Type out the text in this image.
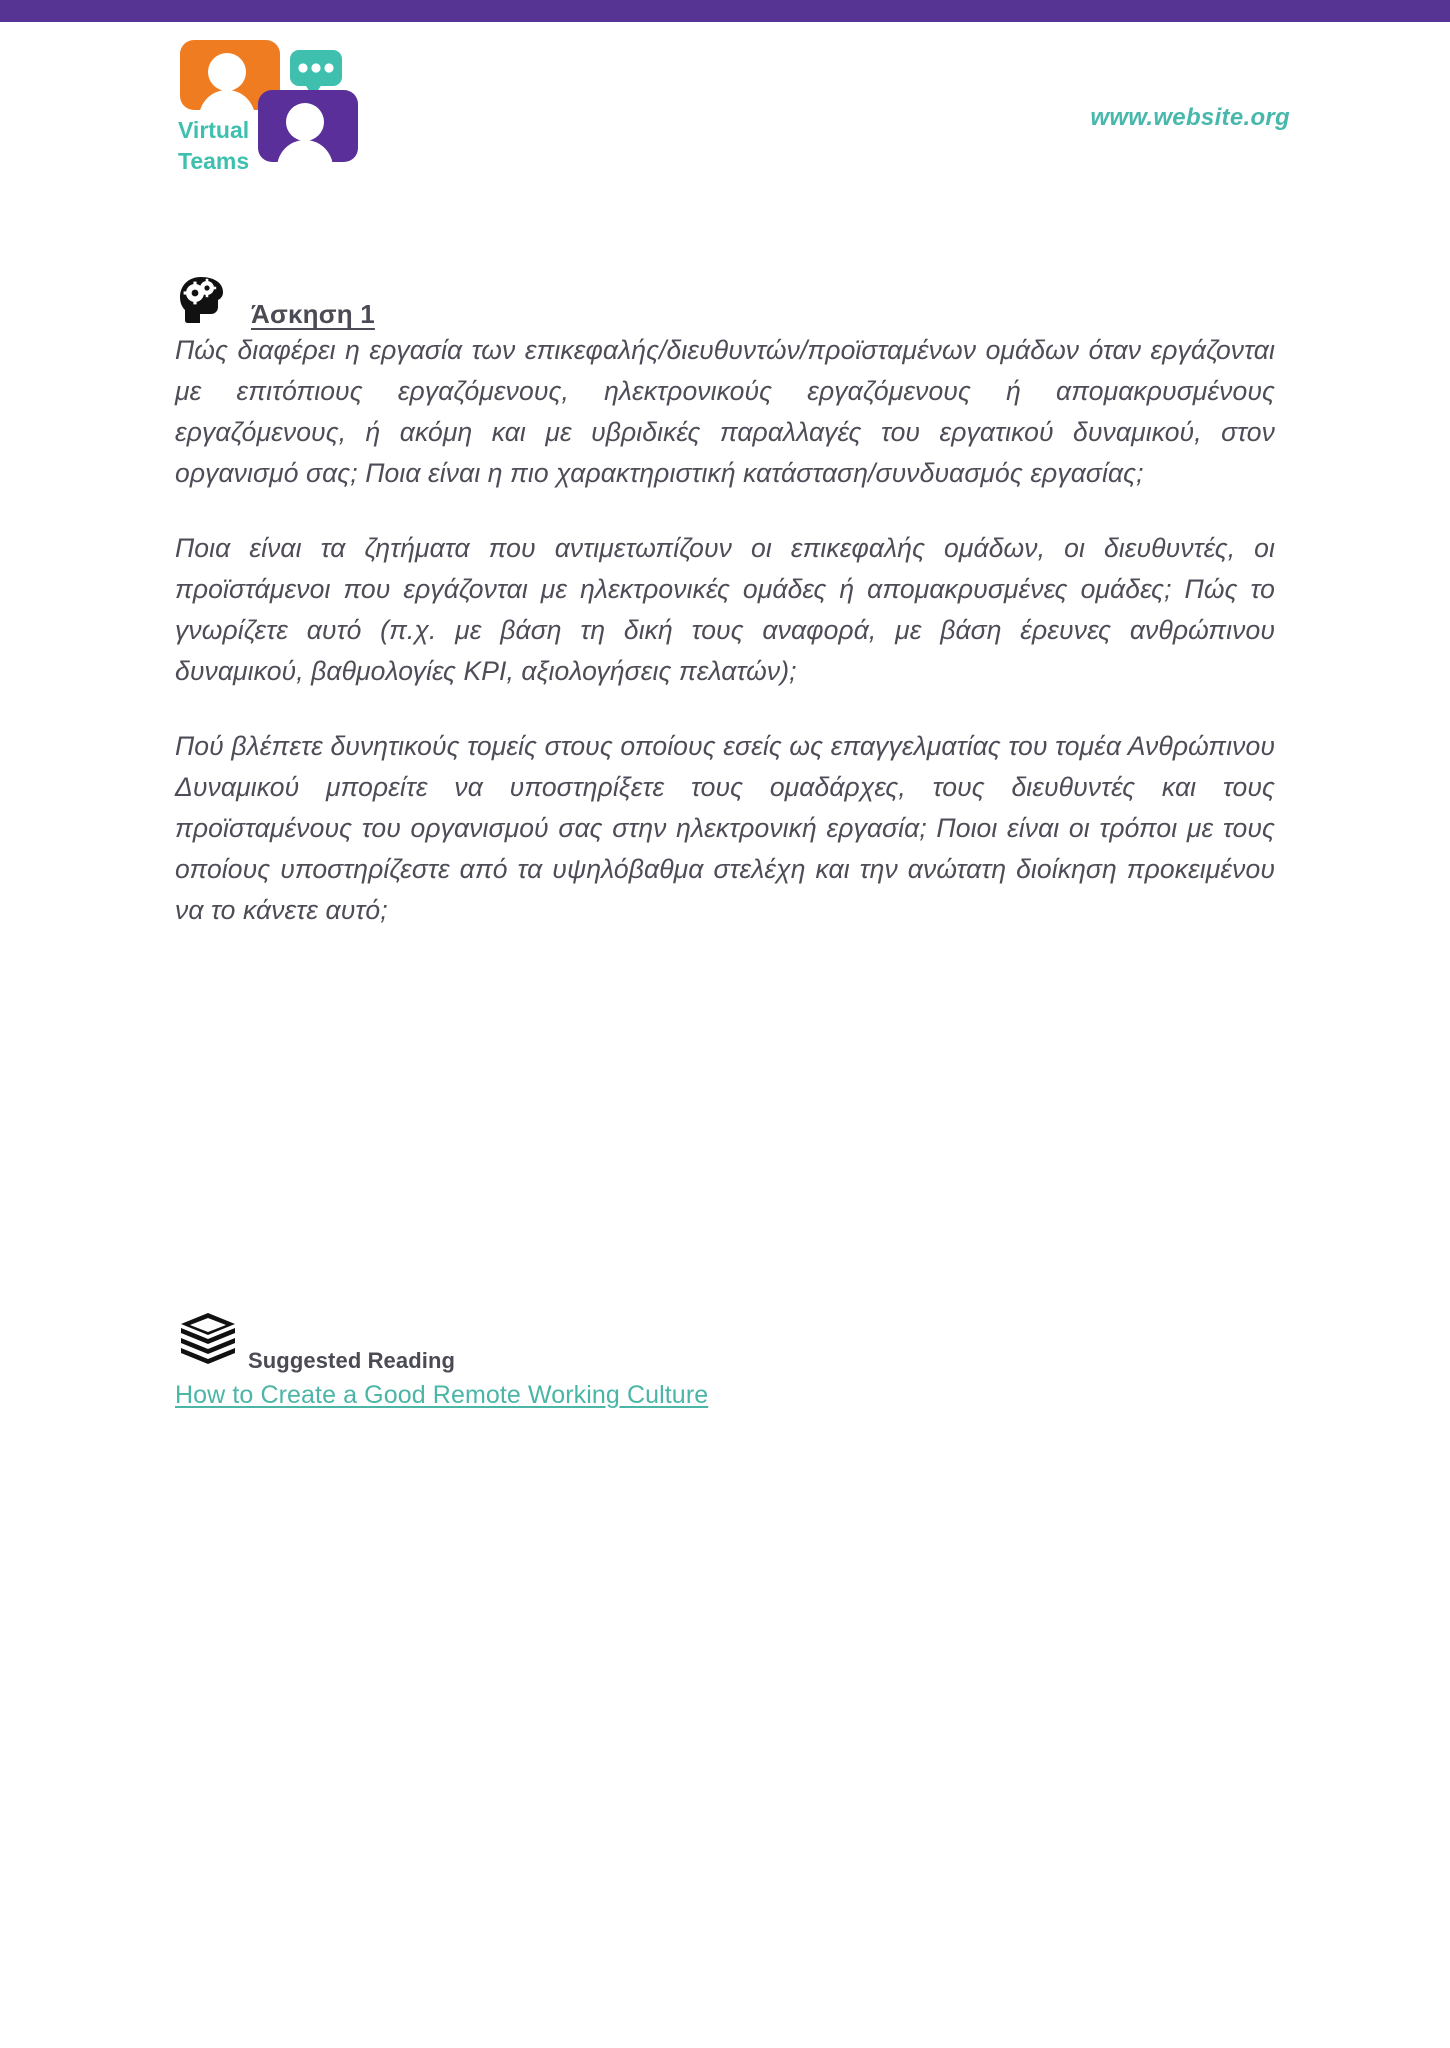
Virtual
Teams
www.website.org
Άσκηση 1

Πώς διαφέρει η εργασία των επικεφαλής/διευθυντών/προϊσταμένων ομάδων όταν εργάζονται με επιτόπιους εργαζόμενους, ηλεκτρονικούς εργαζόμενους ή απομακρυσμένους εργαζόμενους, ή ακόμη και με υβριδικές παραλλαγές του εργατικού δυναμικού, στον οργανισμό σας; Ποια είναι η πιο χαρακτηριστική κατάσταση/συνδυασμός εργασίας;

Ποια είναι τα ζητήματα που αντιμετωπίζουν οι επικεφαλής ομάδων, οι διευθυντές, οι προϊστάμενοι που εργάζονται με ηλεκτρονικές ομάδες ή απομακρυσμένες ομάδες; Πώς το γνωρίζετε αυτό (π.χ. με βάση τη δική τους αναφορά, με βάση έρευνες ανθρώπινου δυναμικού, βαθμολογίες KPI, αξιολογήσεις πελατών);

Πού βλέπετε δυνητικούς τομείς στους οποίους εσείς ως επαγγελματίας του τομέα Ανθρώπινου Δυναμικού μπορείτε να υποστηρίξετε τους ομαδάρχες, τους διευθυντές και τους προϊσταμένους του οργανισμού σας στην ηλεκτρονική εργασία; Ποιοι είναι οι τρόποι με τους οποίους υποστηρίζεστε από τα υψηλόβαθμα στελέχη και την ανώτατη διοίκηση προκειμένου να το κάνετε αυτό;

Suggested Reading
How to Create a Good Remote Working Culture
